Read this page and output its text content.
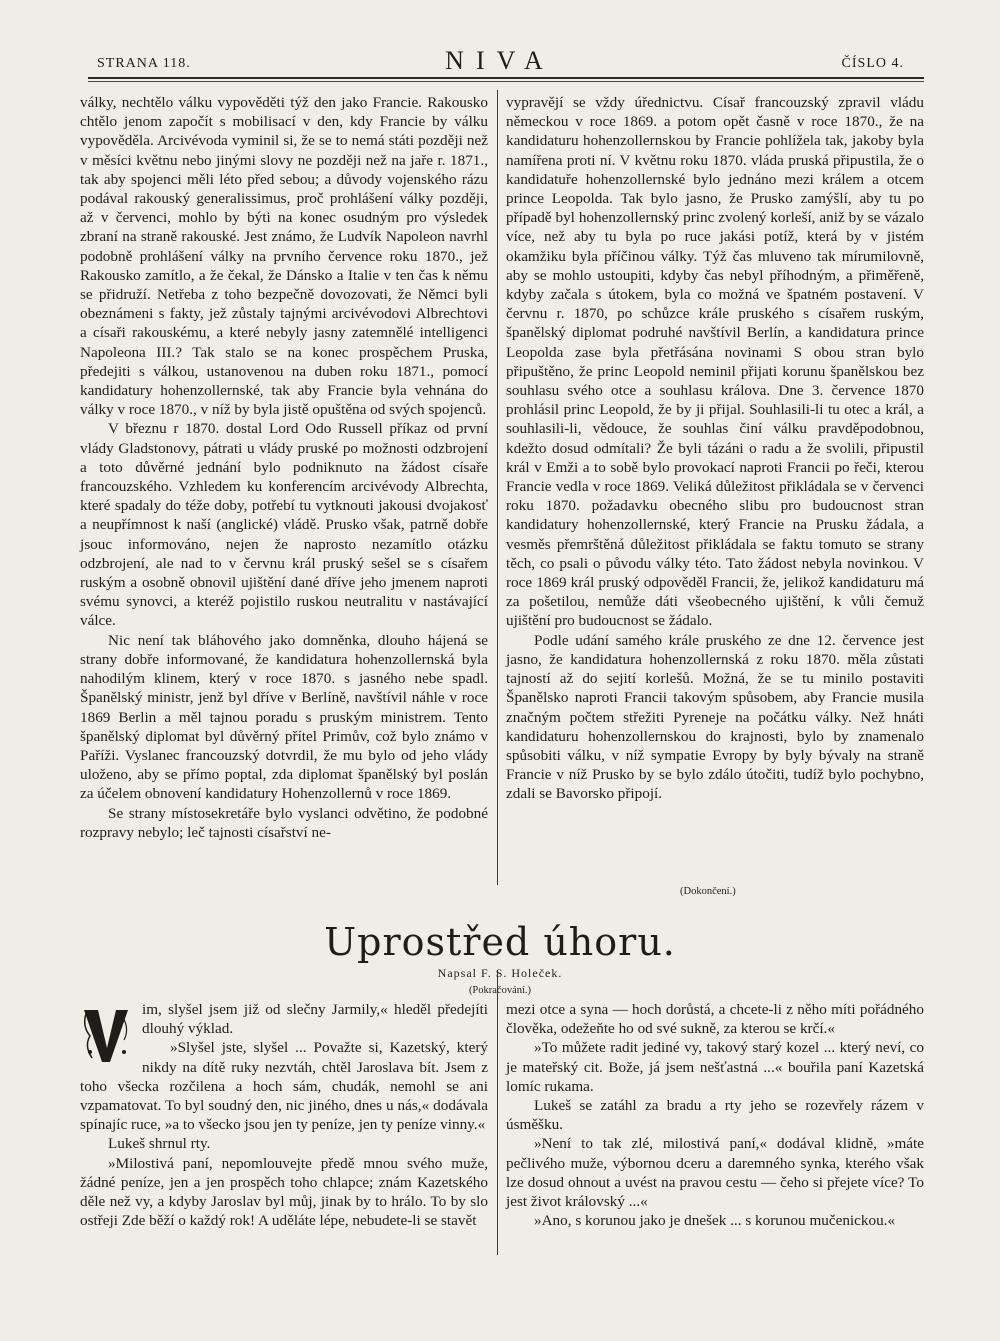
STRANA 118.	NIVA	ČÍSLO 4.

války, nechtělo válku vypověděti týž den jako Francie. Rakousko chtělo jenom započít s mobilisací v den, kdy Francie by válku vypověděla. Arcivévoda vyminil si, že se to nemá státi později než v měsíci květnu nebo jinými slovy ne později než na jaře r. 1871., tak aby spojenci měli léto před sebou; a důvody vojenského rázu podával rakouský generalissimus, proč prohlášení války později, až v červenci, mohlo by býti na konec osudným pro výsledek zbraní na straně rakouské. Jest známo, že Ludvík Napoleon navrhl podobně prohlášení války na prvního července roku 1870., jež Rakousko zamítlo, a že čekal, že Dánsko a Italie v ten čas k němu se přidruží. Netřeba z toho bezpečně dovozovati, že Němci byli obeznámeni s fakty, jež zůstaly tajnými arcivévodovi Albrechtovi a císaři rakouskému, a které nebyly jasny zatemnělé intelligenci Napoleona III.? Tak stalo se na konec prospěchem Pruska, předejiti s válkou, ustanovenou na duben roku 1871., pomocí kandidatury hohenzollernské, tak aby Francie byla vehnána do války v roce 1870., v níž by byla jistě opuštěna od svých spojenců.

V březnu r 1870. dostal Lord Odo Russell příkaz od první vlády Gladstonovy, pátrati u vlády pruské po možnosti odzbrojení a toto důvěrné jednání bylo podniknuto na žádost císaře francouzského. Vzhledem ku konferencím arcivévody Albrechta, které spadaly do téže doby, potřebí tu vytknouti jakousi dvojakosť a neupřímnost k naší (anglické) vládě. Prusko však, patrně dobře jsouc informováno, nejen že naprosto nezamítlo otázku odzbrojení, ale nad to v červnu král pruský sešel se s císařem ruským a osobně obnovil ujištění dané dříve jeho jmenem naproti svému synovci, a kteréž pojistilo ruskou neutralitu v nastávající válce.

Nic není tak bláhového jako domněnka, dlouho hájená se strany dobře informované, že kandidatura hohenzollernská byla nahodilým klinem, který v roce 1870. s jasného nebe spadl. Španělský ministr, jenž byl dříve v Berlíně, navštívil náhle v roce 1869 Berlin a měl tajnou poradu s pruským ministrem. Tento španělský diplomat byl důvěrný přítel Primův, což bylo známo v Paříži. Vyslanec francouzský dotvrdil, že mu bylo od jeho vlády uloženo, aby se přímo poptal, zda diplomat španělský byl poslán za účelem obnovení kandidatury Hohenzollernů v roce 1869.

Se strany místosekretáře bylo vyslanci odvětino, že podobné rozpravy nebylo; leč tajnosti císařství ne-

vypravějí se vždy úřednictvu. Císař francouzský zpravil vládu německou v roce 1869. a potom opět časně v roce 1870., že na kandidaturu hohenzollernskou by Francie pohlížela tak, jakoby byla namířena proti ní. V květnu roku 1870. vláda pruská připustila, že o kandidatuře hohenzollernské bylo jednáno mezi králem a otcem prince Leopolda. Tak bylo jasno, že Prusko zamýšlí, aby tu po případě byl hohenzollernský princ zvolený korleší, aniž by se vázalo více, než aby tu byla po ruce jakási potíž, která by v jistém okamžiku byla příčinou války. Týž čas mluveno tak mírumilovně, aby se mohlo ustoupiti, kdyby čas nebyl příhodným, a přiměřeně, kdyby začala s útokem, byla co možná ve špatném postavení. V červnu r. 1870, po schůzce krále pruského s císařem ruským, španělský diplomat podruhé navštívil Berlín, a kandidatura prince Leopolda zase byla přetřásána novinami S obou stran bylo připuštěno, že princ Leopold neminil přijati korunu španělskou bez souhlasu svého otce a souhlasu králova. Dne 3. července 1870 prohlásil princ Leopold, že by ji přijal. Souhlasili-li tu otec a král, a souhlasili-li, vědouce, že souhlas činí válku pravděpodobnou, kdežto dosud odmítali? Že byli tázáni o radu a že svolili, připustil král v Emži a to sobě bylo provokací naproti Francii po řeči, kterou Francie vedla v roce 1869. Veliká důležitost přikládala se v červenci roku 1870. požadavku obecného slibu pro budoucnost stran kandidatury hohenzollernské, který Francie na Prusku žádala, a vesměs přemrštěná důležitost přikládala se faktu tomuto se strany těch, co psali o původu války této. Tato žádost nebyla novinkou. V roce 1869 král pruský odpověděl Francii, že, jelikož kandidaturu má za pošetilou, nemůže dáti všeobecného ujištění, k vůli čemuž ujištění pro budoucnost se žádalo.

Podle udání samého krále pruského ze dne 12. července jest jasno, že kandidatura hohenzollernská z roku 1870. měla zůstati tajností až do sejití korlešů. Možná, že se tu minilo postaviti Španělsko naproti Francii takovým spůsobem, aby Francie musila značným počtem střežiti Pyreneje na počátku války. Než hnáti kandidaturu hohenzollernskou do krajnosti, bylo by znamenalo spůsobiti válku, v níž sympatie Evropy by byly bývaly na straně Francie v níž Prusko by se bylo zdálo útočiti, tudíž bylo pochybno, zdali se Bavorsko připojí.

(Dokončení.)
Uprostřed úhoru.
Napsal F. S. Holeček.
(Pokračování.)

im, slyšel jsem již od slečny Jarmily,« hleděl předejíti dlouhý výklad.

»Slyšel jste, slyšel ... Považte si, Kazetský, který nikdy na dítě ruky nezvtáh, chtěl Jaroslava bít. Jsem z toho všecka rozčilena a hoch sám, chudák, nemohl se ani vzpamatovat. To byl soudný den, nic jiného, dnes u nás,« dodávala spínajíc ruce, »a to všecko jsou jen ty peníze, jen ty peníze vinny.«

Lukeš shrnul rty.

»Milostivá paní, nepomlouvejte předě mnou svého muže, žádné peníze, jen a jen prospěch toho chlapce; znám Kazetského děle než vy, a kdyby Jaroslav byl můj, jinak by to hrálo. To by slo ostřeji Zde běží o každý rok! A uděláte lépe, nebudete-li se stavět

mezi otce a syna — hoch dorůstá, a chcete-li z něho míti pořádného člověka, odežeňte ho od své sukně, za kterou se krčí.«

»To můžete radit jediné vy, takový starý kozel ... který neví, co je mateřský cit. Bože, já jsem nešťastná ...« bouřila paní Kazetská lomíc rukama.

Lukeš se zatáhl za bradu a rty jeho se rozevřely rázem v úsměšku.

»Není to tak zlé, milostivá paní,« dodával klidně, »máte pečlivého muže, výbornou dceru a daremného synka, kterého však lze dosud ohnout a uvést na pravou cestu — čeho si přejete více? To jest život královský ...«

»Ano, s korunou jako je dnešek ... s korunou mučenickou.«
